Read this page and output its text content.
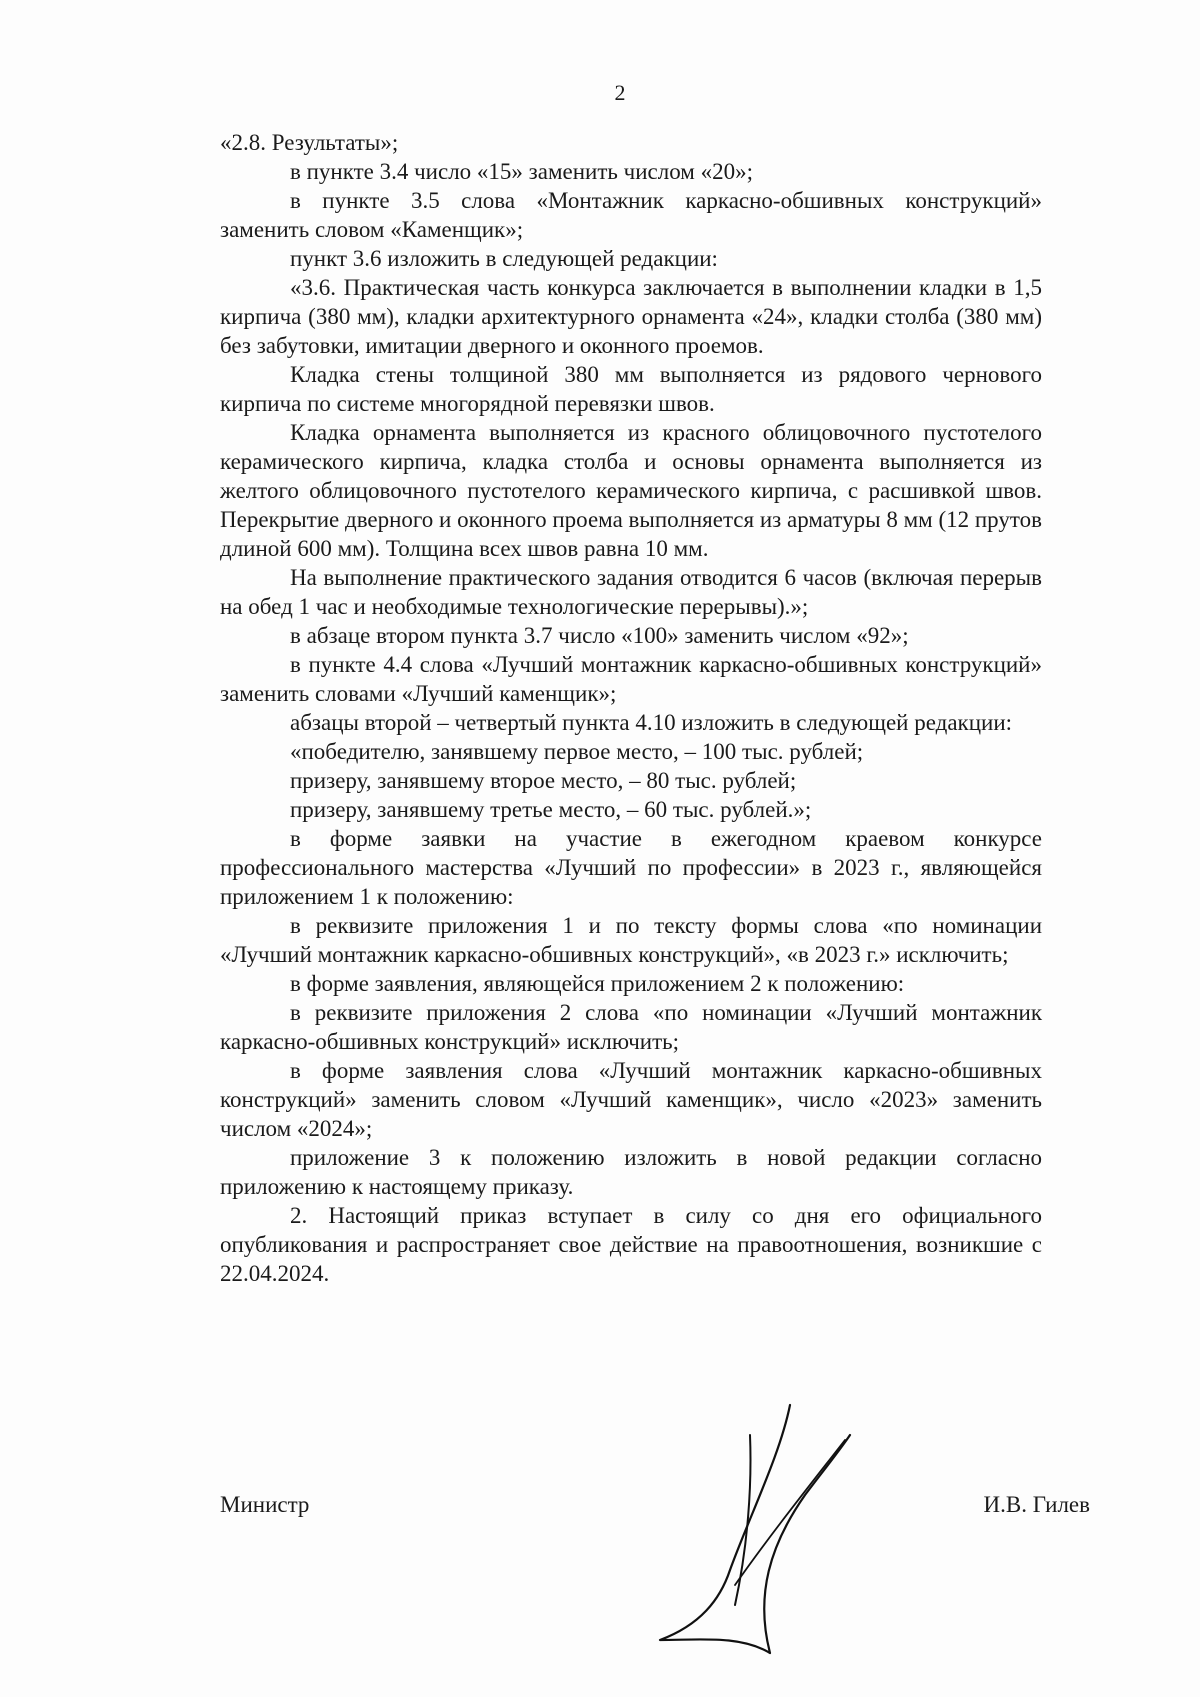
2

«2.8. Результаты»;

в пункте 3.4 число «15» заменить числом «20»;

в пункте 3.5 слова «Монтажник каркасно-обшивных конструкций» заменить словом «Каменщик»;

пункт 3.6 изложить в следующей редакции:

«3.6. Практическая часть конкурса заключается в выполнении кладки в 1,5 кирпича (380 мм), кладки архитектурного орнамента «24», кладки столба (380 мм) без забутовки, имитации дверного и оконного проемов.

Кладка стены толщиной 380 мм выполняется из рядового чернового кирпича по системе многорядной перевязки швов.

Кладка орнамента выполняется из красного облицовочного пустотелого керамического кирпича, кладка столба и основы орнамента выполняется из желтого облицовочного пустотелого керамического кирпича, с расшивкой швов. Перекрытие дверного и оконного проема выполняется из арматуры 8 мм (12 прутов длиной 600 мм). Толщина всех швов равна 10 мм.

На выполнение практического задания отводится 6 часов (включая перерыв на обед 1 час и необходимые технологические перерывы).»;

в абзаце втором пункта 3.7 число «100» заменить числом «92»;

в пункте 4.4 слова «Лучший монтажник каркасно-обшивных конструкций» заменить словами «Лучший каменщик»;

абзацы второй – четвертый пункта 4.10 изложить в следующей редакции:

«победителю, занявшему первое место, – 100 тыс. рублей;

призеру, занявшему второе место, – 80 тыс. рублей;

призеру, занявшему третье место, – 60 тыс. рублей.»;

в форме заявки на участие в ежегодном краевом конкурсе профессионального мастерства «Лучший по профессии» в 2023 г., являющейся приложением 1 к положению:

в реквизите приложения 1 и по тексту формы слова «по номинации «Лучший монтажник каркасно-обшивных конструкций», «в 2023 г.» исключить;

в форме заявления, являющейся приложением 2 к положению:

в реквизите приложения 2 слова «по номинации «Лучший монтажник каркасно-обшивных конструкций» исключить;

в форме заявления слова «Лучший монтажник каркасно-обшивных конструкций» заменить словом «Лучший каменщик», число «2023» заменить числом «2024»;

приложение 3 к положению изложить в новой редакции согласно приложению к настоящему приказу.

2. Настоящий приказ вступает в силу со дня его официального опубликования и распространяет свое действие на правоотношения, возникшие с 22.04.2024.

Министр	И.В. Гилев
